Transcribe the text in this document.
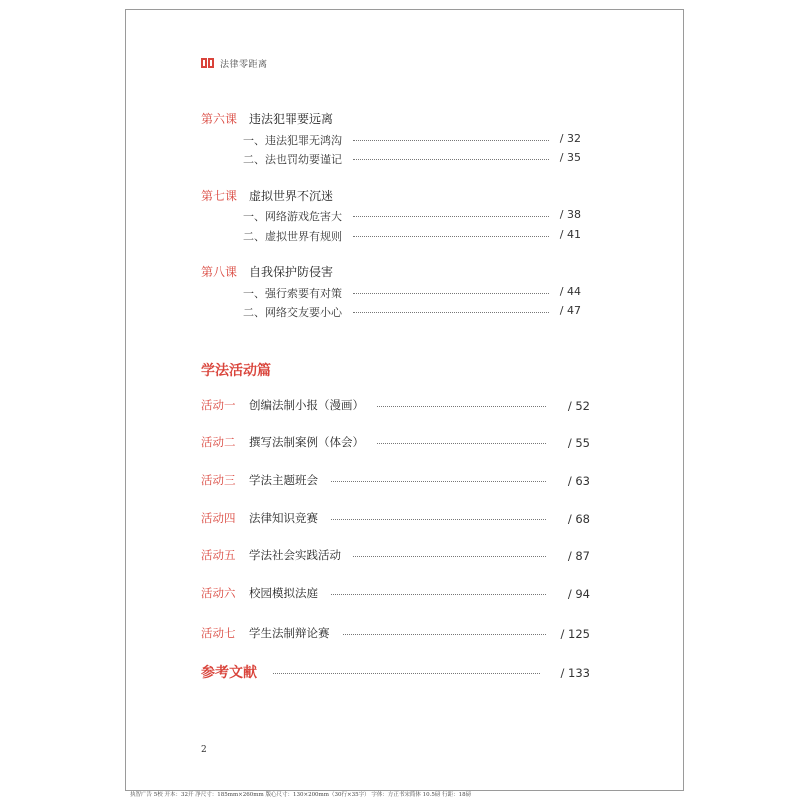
法律零距离
第六课 违法犯罪要远离
一、违法犯罪无鸿沟	/ 32
二、法也罚幼要谨记	/ 35
第七课 虚拟世界不沉迷
一、网络游戏危害大	/ 38
二、虚拟世界有规则	/ 41
第八课 自我保护防侵害
一、强行索要有对策	/ 44
二、网络交友要小心	/ 47
学法活动篇
活动一 创编法制小报（漫画）	/ 52
活动二 撰写法制案例（体会）	/ 55
活动三 学法主题班会	/ 63
活动四 法律知识竞赛	/ 68
活动五 学法社会实践活动	/ 87
活动六 校园模拟法庭	/ 94
活动七 学生法制辩论赛	/ 125
参考文献	/ 133
2
执智广告 5校 开本：32开 净尺寸：185mm×260mm 版心尺寸：130×200mm（30行×35字） 字体：方正书宋简体 10.5磅 行距：18磅
